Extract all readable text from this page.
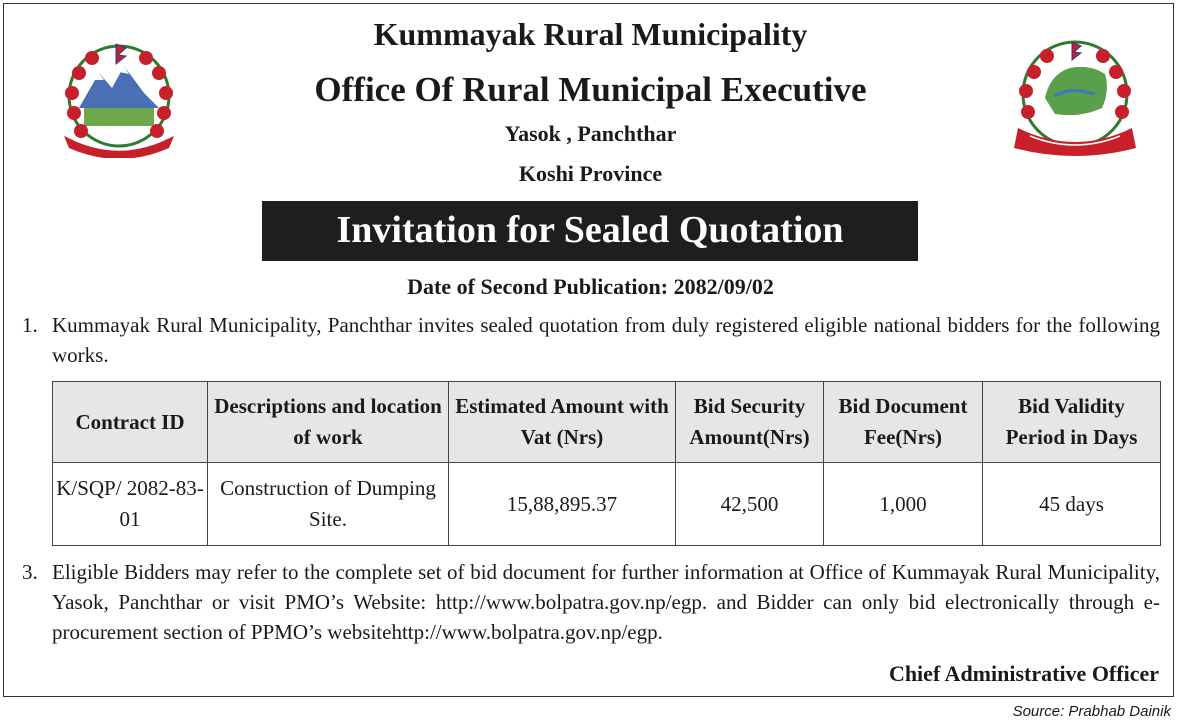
Kummayak Rural Municipality
Office Of Rural Municipal Executive
Yasok , Panchthar
Koshi Province
Invitation for Sealed Quotation
Date of Second Publication: 2082/09/02
1. Kummayak Rural Municipality, Panchthar invites sealed quotation from duly registered eligible national bidders for the following works.
Contract ID	Descriptions and location of work	Estimated Amount with Vat (Nrs)	Bid Security Amount(Nrs)	Bid Document Fee(Nrs)	Bid Validity Period in Days
K/SQP/ 2082-83-01	Construction of Dumping Site.	15,88,895.37	42,500	1,000	45 days
3. Eligible Bidders may refer to the complete set of bid document for further information at Office of Kummayak Rural Municipality, Yasok, Panchthar or visit PMO’s Website: http://www.bolpatra.gov.np/egp. and Bidder can only bid electronically through e-procurement section of PPMO’s websitehttp://www.bolpatra.gov.np/egp.
Chief Administrative Officer
Source: Prabhab Dainik
